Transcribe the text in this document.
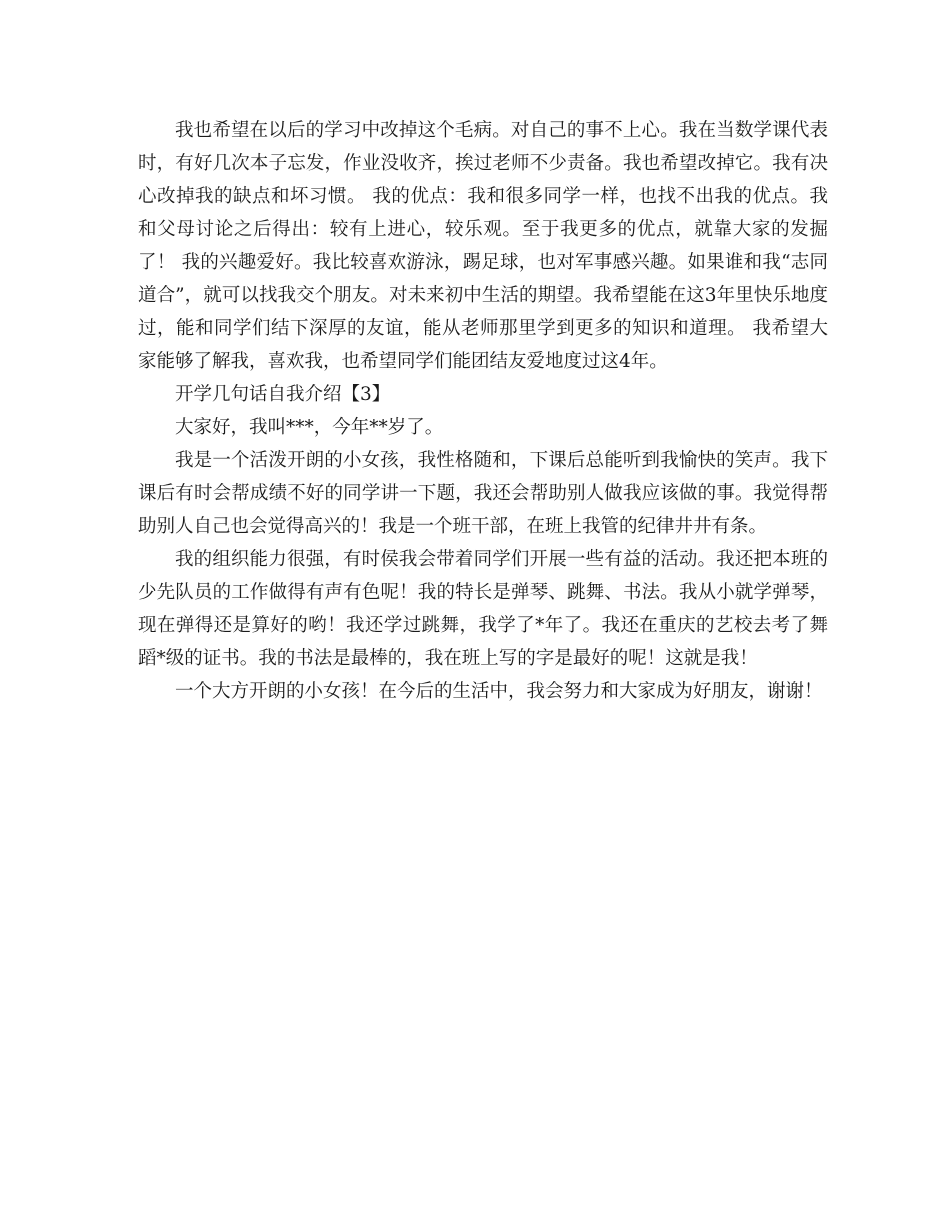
我也希望在以后的学习中改掉这个毛病。对自己的事不上心。我在当数学课代表时，有好几次本子忘发，作业没收齐，挨过老师不少责备。我也希望改掉它。我有决心改掉我的缺点和坏习惯。 我的优点：我和很多同学一样，也找不出我的优点。我和父母讨论之后得出：较有上进心，较乐观。至于我更多的优点，就靠大家的发掘了！ 我的兴趣爱好。我比较喜欢游泳，踢足球，也对军事感兴趣。如果谁和我“志同道合”，就可以找我交个朋友。对未来初中生活的期望。我希望能在这3年里快乐地度过，能和同学们结下深厚的友谊，能从老师那里学到更多的知识和道理。 我希望大家能够了解我，喜欢我，也希望同学们能团结友爱地度过这4年。

开学几句话自我介绍【3】

大家好，我叫***，今年**岁了。

我是一个活泼开朗的小女孩，我性格随和，下课后总能听到我愉快的笑声。我下课后有时会帮成绩不好的同学讲一下题，我还会帮助别人做我应该做的事。我觉得帮助别人自己也会觉得高兴的！我是一个班干部，在班上我管的纪律井井有条。

我的组织能力很强，有时侯我会带着同学们开展一些有益的活动。我还把本班的少先队员的工作做得有声有色呢！我的特长是弹琴、跳舞、书法。我从小就学弹琴，现在弹得还是算好的哟！我还学过跳舞，我学了*年了。我还在重庆的艺校去考了舞蹈*级的证书。我的书法是最棒的，我在班上写的字是最好的呢！这就是我！

一个大方开朗的小女孩！在今后的生活中，我会努力和大家成为好朋友，谢谢！
